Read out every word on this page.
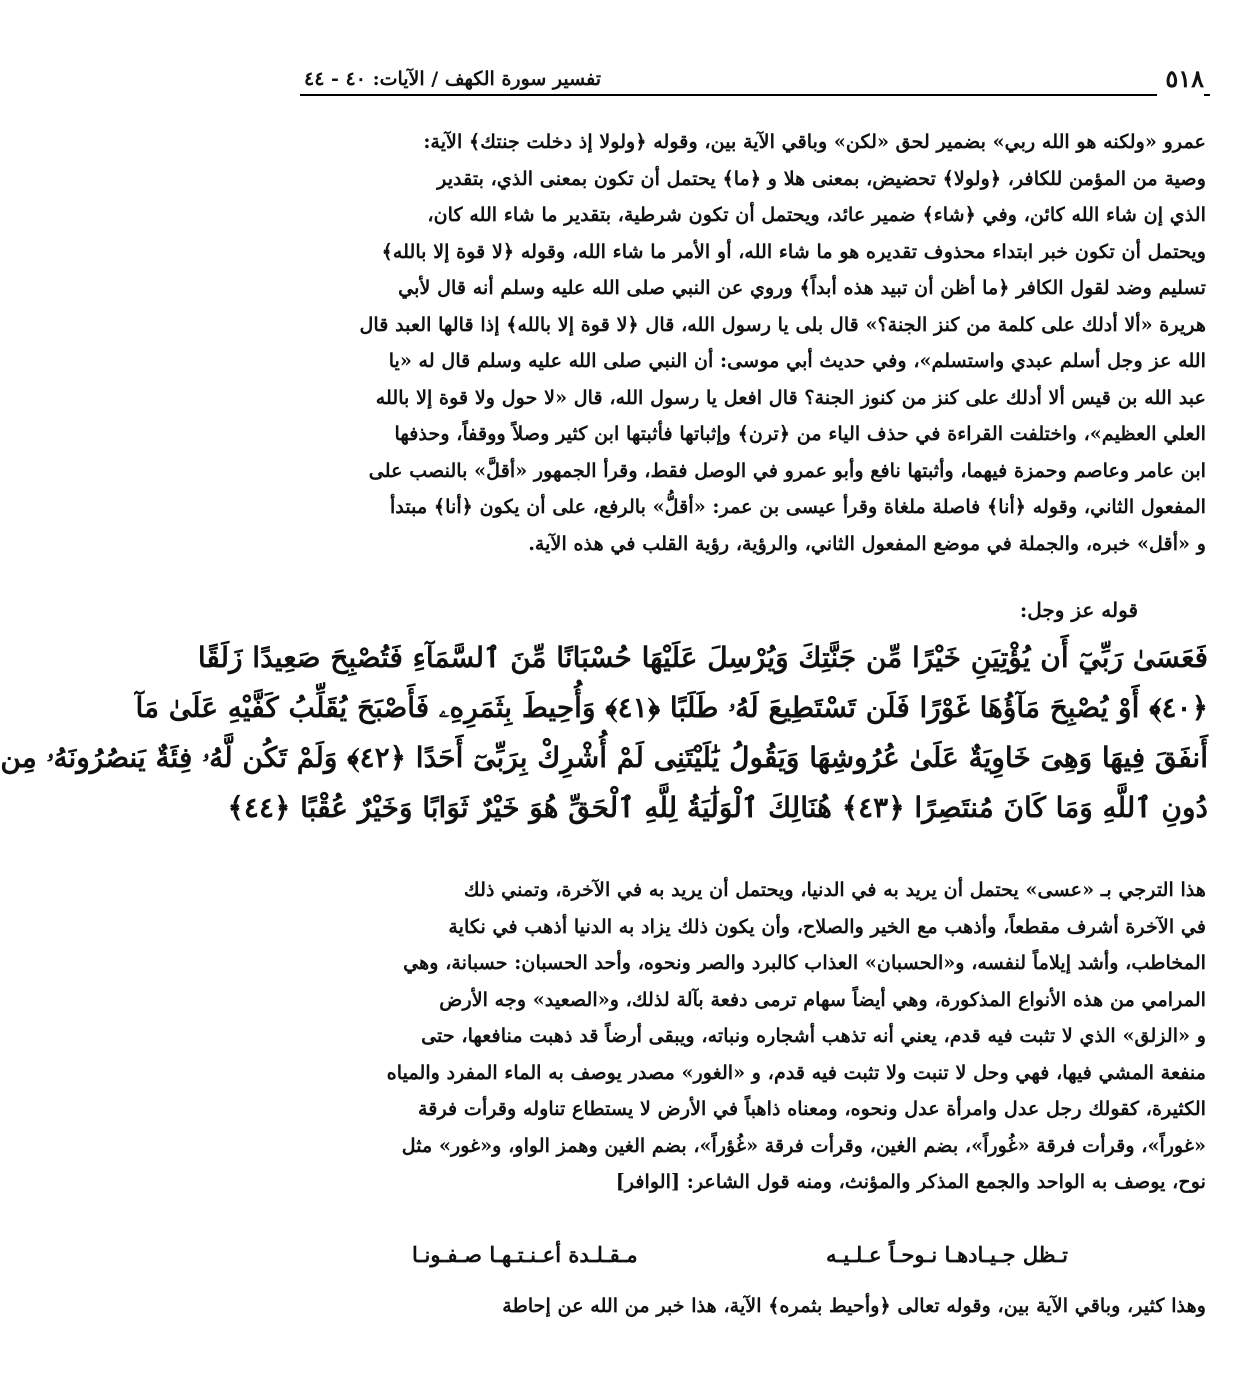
٥١٨
تفسير سورة الكهف / الآيات: ٤٠ - ٤٤
عمرو «ولكنه هو الله ربي» بضمير لحق «لكن» وباقي الآية بين، وقوله ﴿ولولا إذ دخلت جنتك﴾ الآية:
وصية من المؤمن للكافر، ﴿ولولا﴾ تحضيض، بمعنى هلا و ﴿ما﴾ يحتمل أن تكون بمعنى الذي، بتقدير
الذي إن شاء الله كائن، وفي ﴿شاء﴾ ضمير عائد، ويحتمل أن تكون شرطية، بتقدير ما شاء الله كان،
ويحتمل أن تكون خبر ابتداء محذوف تقديره هو ما شاء الله، أو الأمر ما شاء الله، وقوله ﴿لا قوة إلا بالله﴾
تسليم وضد لقول الكافر ﴿ما أظن أن تبيد هذه أبداً﴾ وروي عن النبي صلى الله عليه وسلم أنه قال لأبي
هريرة «ألا أدلك على كلمة من كنز الجنة؟» قال بلى يا رسول الله، قال ﴿لا قوة إلا بالله﴾ إذا قالها العبد قال
الله عز وجل أسلم عبدي واستسلم»، وفي حديث أبي موسى: أن النبي صلى الله عليه وسلم قال له «يا
عبد الله بن قيس ألا أدلك على كنز من كنوز الجنة؟ قال افعل يا رسول الله، قال «لا حول ولا قوة إلا بالله
العلي العظيم»، واختلفت القراءة في حذف الياء من ﴿ترن﴾ وإثباتها فأثبتها ابن كثير وصلاً ووقفاً، وحذفها
ابن عامر وعاصم وحمزة فيهما، وأثبتها نافع وأبو عمرو في الوصل فقط، وقرأ الجمهور «أقلَّ» بالنصب على
المفعول الثاني، وقوله ﴿أنا﴾ فاصلة ملغاة وقرأ عيسى بن عمر: «أقلُّ» بالرفع، على أن يكون ﴿أنا﴾ مبتدأ
و «أقل» خبره، والجملة في موضع المفعول الثاني، والرؤية، رؤية القلب في هذه الآية.
قوله عز وجل:
فَعَسَىٰ رَبِّيٓ أَن يُؤْتِيَنِ خَيْرًا مِّن جَنَّتِكَ وَيُرْسِلَ عَلَيْهَا حُسْبَانًا مِّنَ ٱلسَّمَآءِ فَتُصْبِحَ صَعِيدًا زَلَقًا
﴿٤٠﴾ أَوْ يُصْبِحَ مَآؤُهَا غَوْرًا فَلَن تَسْتَطِيعَ لَهُۥ طَلَبًا ﴿٤١﴾ وَأُحِيطَ بِثَمَرِهِۦ فَأَصْبَحَ يُقَلِّبُ كَفَّيْهِ عَلَىٰ مَآ
أَنفَقَ فِيهَا وَهِىَ خَاوِيَةٌ عَلَىٰ عُرُوشِهَا وَيَقُولُ يَٰلَيْتَنِى لَمْ أُشْرِكْ بِرَبِّىٓ أَحَدًا ﴿٤٢﴾ وَلَمْ تَكُن لَّهُۥ فِئَةٌ يَنصُرُونَهُۥ مِن
دُونِ ٱللَّهِ وَمَا كَانَ مُنتَصِرًا ﴿٤٣﴾ هُنَالِكَ ٱلْوَلَٰيَةُ لِلَّهِ ٱلْحَقِّ هُوَ خَيْرٌ ثَوَابًا وَخَيْرٌ عُقْبًا ﴿٤٤﴾
هذا الترجي بـ «عسى» يحتمل أن يريد به في الدنيا، ويحتمل أن يريد به في الآخرة، وتمني ذلك
في الآخرة أشرف مقطعاً، وأذهب مع الخير والصلاح، وأن يكون ذلك يزاد به الدنيا أذهب في نكاية
المخاطب، وأشد إيلاماً لنفسه، و«الحسبان» العذاب كالبرد والصر ونحوه، وأحد الحسبان: حسبانة، وهي
المرامي من هذه الأنواع المذكورة، وهي أيضاً سهام ترمى دفعة بآلة لذلك، و«الصعيد» وجه الأرض
و «الزلق» الذي لا تثبت فيه قدم، يعني أنه تذهب أشجاره ونباته، ويبقى أرضاً قد ذهبت منافعها، حتى
منفعة المشي فيها، فهي وحل لا تنبت ولا تثبت فيه قدم، و «الغور» مصدر يوصف به الماء المفرد والمياه
الكثيرة، كقولك رجل عدل وامرأة عدل ونحوه، ومعناه ذاهباً في الأرض لا يستطاع تناوله وقرأت فرقة
«غوراً»، وقرأت فرقة «غُوراً»، بضم الغين، وقرأت فرقة «غُؤراً»، بضم الغين وهمز الواو، و«غور» مثل
نوح، يوصف به الواحد والجمع المذكر والمؤنث، ومنه قول الشاعر: [الوافر]
تـظل جـيـادهـا نـوحـاً عـلـيـه
مـقـلـدة أعـنـتـهـا صـفـونـا
وهذا كثير، وباقي الآية بين، وقوله تعالى ﴿وأحيط بثمره﴾ الآية، هذا خبر من الله عن إحاطة
